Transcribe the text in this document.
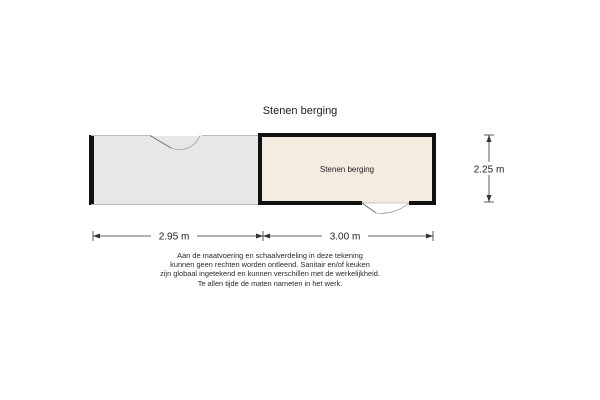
Stenen berging
Stenen berging
2.95 m	3.00 m
2.25 m
Aan de maatvoering en schaalverdeling in deze tekening
kunnen geen rechten worden ontleend. Sanitair en/of keuken
zijn globaal ingetekend en kunnen verschillen met de werkelijkheid.
Te allen tijde de maten nameten in het werk.
